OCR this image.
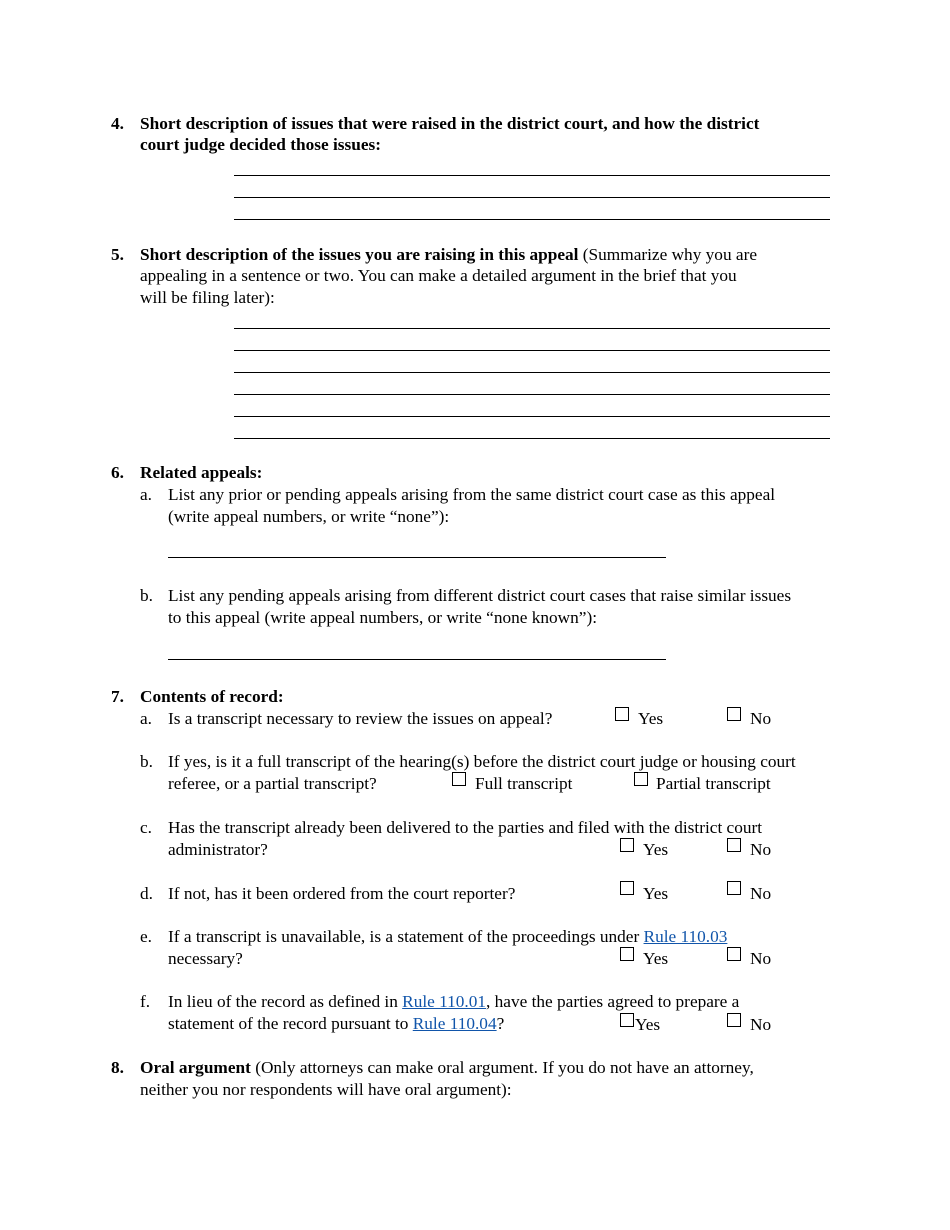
4. Short description of issues that were raised in the district court, and how the district
court judge decided those issues:
5. Short description of the issues you are raising in this appeal (Summarize why you are
appealing in a sentence or two. You can make a detailed argument in the brief that you
will be filing later):
6. Related appeals:
a. List any prior or pending appeals arising from the same district court case as this appeal
(write appeal numbers, or write “none”):
b. List any pending appeals arising from different district court cases that raise similar issues
to this appeal (write appeal numbers, or write “none known”):
7. Contents of record:
a. Is a transcript necessary to review the issues on appeal?	Yes	No
b. If yes, is it a full transcript of the hearing(s) before the district court judge or housing court
referee, or a partial transcript?	Full transcript	Partial transcript
c. Has the transcript already been delivered to the parties and filed with the district court
administrator?	Yes	No
d. If not, has it been ordered from the court reporter?	Yes	No
e. If a transcript is unavailable, is a statement of the proceedings under Rule 110.03
necessary?	Yes	No
f. In lieu of the record as defined in Rule 110.01, have the parties agreed to prepare a
statement of the record pursuant to Rule 110.04?	Yes	No
8. Oral argument (Only attorneys can make oral argument. If you do not have an attorney,
neither you nor respondents will have oral argument):
